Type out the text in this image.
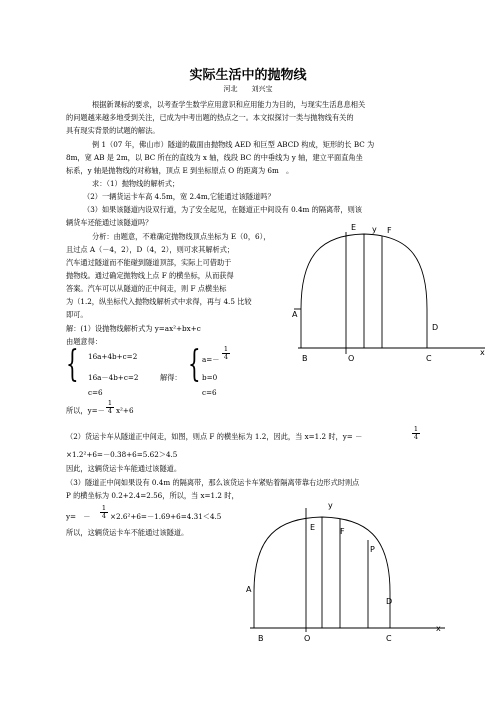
实际生活中的抛物线
河北　　刘兴宝
根据新课标的要求，以考查学生数学应用意识和应用能力为目的，与现实生活息息相关
的问题越来越多地受到关注，已成为中考出题的热点之一。本文拟探讨一类与抛物线有关的
具有现实背景的试题的解法。
例 1（07 年，佛山市）隧道的截面由抛物线 AED 和巨型 ABCD 构成，矩形的长 BC 为
8m，宽 AB 是 2m，以 BC 所在的直线为 x 轴，线段 BC 的中垂线为 y 轴，建立平面直角坐
标系，y 轴是抛物线的对称轴，顶点 E 到坐标原点 O 的距离为 6m　。
求：（1）抛物线的解析式；
（2）一辆货运卡车高 4.5m，宽 2.4m,它能通过该隧道吗？
（3）如果该隧道内设双行道，为了安全起见，在隧道正中间设有 0.4m 的隔离带，则该
辆货车还能通过该隧道吗？
分析：由题意，不难确定抛物线顶点坐标为 E（0，6），
且过点 A（－4，2），D（4，2），则可求其解析式；
汽车通过隧道而不能碰到隧道顶部，实际上可借助于
抛物线。通过确定抛物线上点 F 的横坐标，从而获得
答案。汽车可以从隧道的正中间走，则 F 点横坐标
为（1.2，纵坐标代入抛物线解析式中求得，再与 4.5 比较
即可。
解：(1）设抛物线解析式为 y=ax²+bx+c
由题意得：
{ 16a+4b+c=2
16a－4b+c=2
c=6
解得： { $a=- \frac{1}{4}$
b=0
c=6
所以，$y=- \frac{1}{4} x^2+6$
（2）货运卡车从隧道正中间走，如图，则点 F 的横坐标为 1.2，因此，当 x=1.2 时，y= －	$\frac{1}{4}$
×1.2²+6=－0.38+6=5.62＞4.5
因此，这辆货运卡车能通过该隧道。
（3）隧道正中间如果设有 0.4m 的隔离带，那么该货运卡车紧贴着隔离带靠右边形式时则点
P 的横坐标为 0.2+2.4=2.56，所以，当 x=1.2 时，
y=　－ $\frac{1}{4} \times 2.6^2+6=-1.69+6=4.31<4.5$
所以，这辆货运卡车不能通过该隧道。
y
E	F
A
D
B	O	C
x
y
E	F
P
A
D
B	O	C
x
